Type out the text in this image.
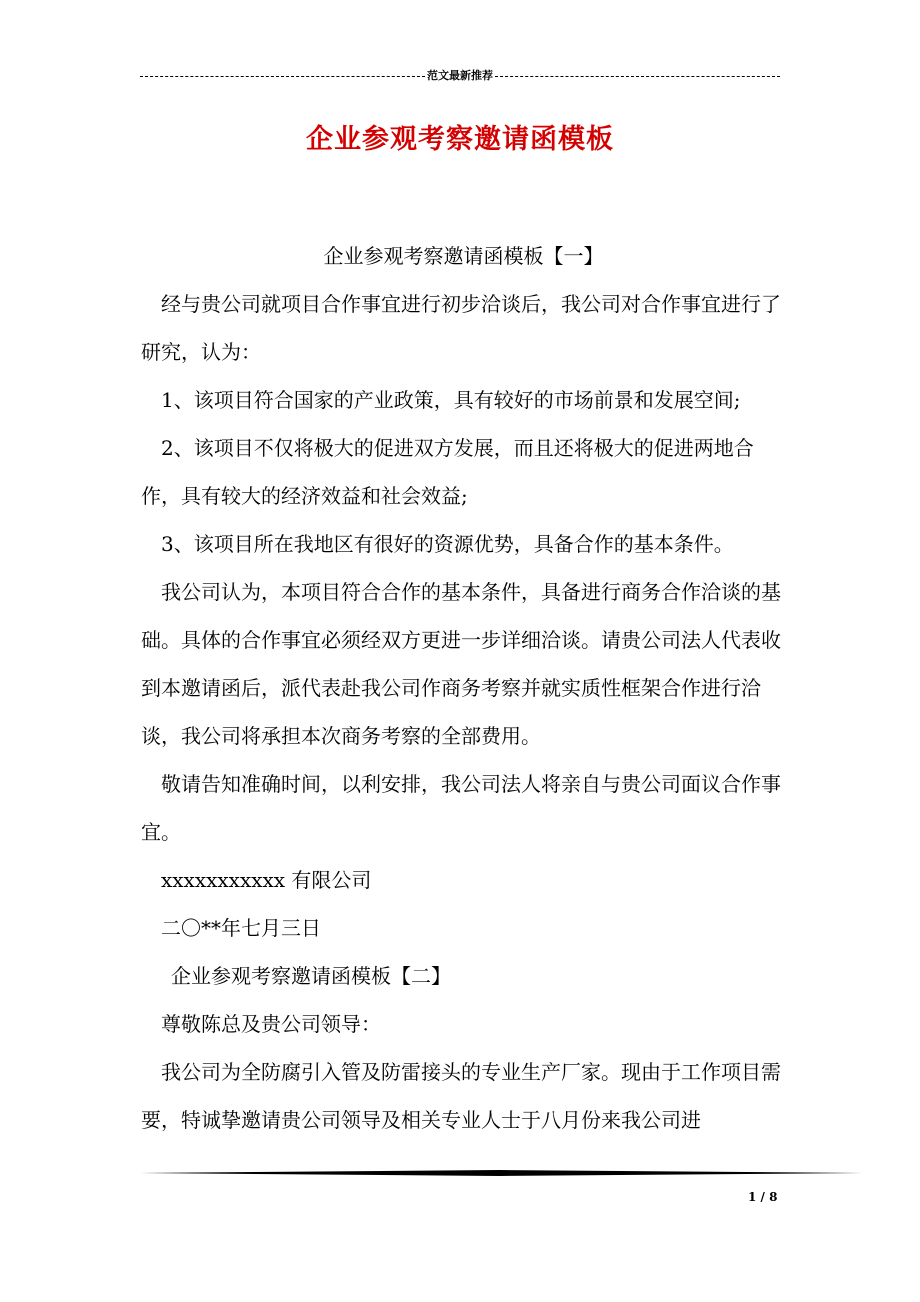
范文最新推荐
企业参观考察邀请函模板

企业参观考察邀请函模板【一】

经与贵公司就项目合作事宜进行初步洽谈后，我公司对合作事宜进行了研究，认为：

1、该项目符合国家的产业政策，具有较好的市场前景和发展空间;

2、该项目不仅将极大的促进双方发展，而且还将极大的促进两地合作，具有较大的经济效益和社会效益;

3、该项目所在我地区有很好的资源优势，具备合作的基本条件。

我公司认为，本项目符合合作的基本条件，具备进行商务合作洽谈的基础。具体的合作事宜必须经双方更进一步详细洽谈。请贵公司法人代表收到本邀请函后，派代表赴我公司作商务考察并就实质性框架合作进行洽谈，我公司将承担本次商务考察的全部费用。

敬请告知准确时间，以利安排，我公司法人将亲自与贵公司面议合作事宜。

xxxxxxxxxxx 有限公司

二〇**年七月三日

企业参观考察邀请函模板【二】

尊敬陈总及贵公司领导：

我公司为全防腐引入管及防雷接头的专业生产厂家。现由于工作项目需要，特诚挚邀请贵公司领导及相关专业人士于八月份来我公司进

1 / 8
